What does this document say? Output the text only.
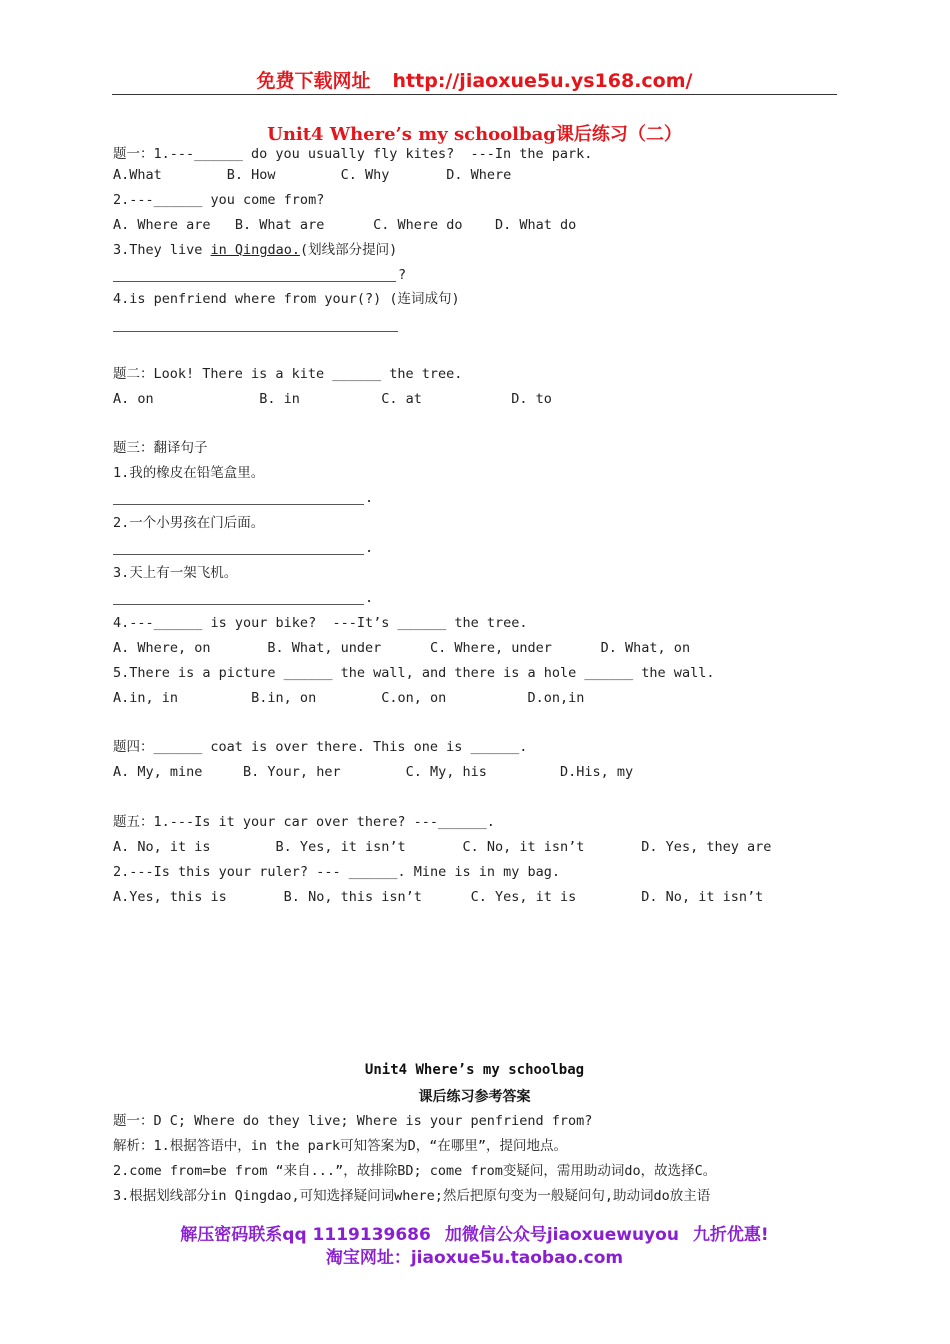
免费下载网址 http://jiaoxue5u.ys168.com/
Unit4 Where’s my schoolbag课后练习（二）
题一：1.---______ do you usually fly kites?  ---In the park.
A.What        B. How        C. Why       D. Where
2.---______ you come from?
A. Where are   B. What are      C. Where do    D. What do
3.They live in Qingdao.(划线部分提问)
?
4.is penfriend where from your(?) (连词成句)
题二：Look! There is a kite ______ the tree.
A. on             B. in          C. at           D. to
题三：翻译句子
1.我的橡皮在铅笔盒里。
.
2.一个小男孩在门后面。
.
3.天上有一架飞机。
.
4.---______ is your bike?  ---It’s ______ the tree.
A. Where, on       B. What, under      C. Where, under      D. What, on
5.There is a picture ______ the wall, and there is a hole ______ the wall.
A.in, in         B.in, on        C.on, on          D.on,in
题四：______ coat is over there. This one is ______.
A. My, mine     B. Your, her        C. My, his         D.His, my
题五：1.---Is it your car over there? ---______.
A. No, it is        B. Yes, it isn’t       C. No, it isn’t       D. Yes, they are
2.---Is this your ruler? --- ______. Mine is in my bag.
A.Yes, this is       B. No, this isn’t      C. Yes, it is        D. No, it isn’t
Unit4 Where’s my schoolbag
课后练习参考答案
题一：D C; Where do they live; Where is your penfriend from?
解析：1.根据答语中，in the park可知答案为D，“在哪里”，提问地点。
2.come from=be from “来自...”，故排除BD; come from变疑问，需用助动词do，故选择C。
3.根据划线部分in Qingdao,可知选择疑问词where;然后把原句变为一般疑问句,助动词do放主语
解压密码联系qq 1119139686 加微信公众号jiaoxuewuyou 九折优惠!
淘宝网址：jiaoxue5u.taobao.com
